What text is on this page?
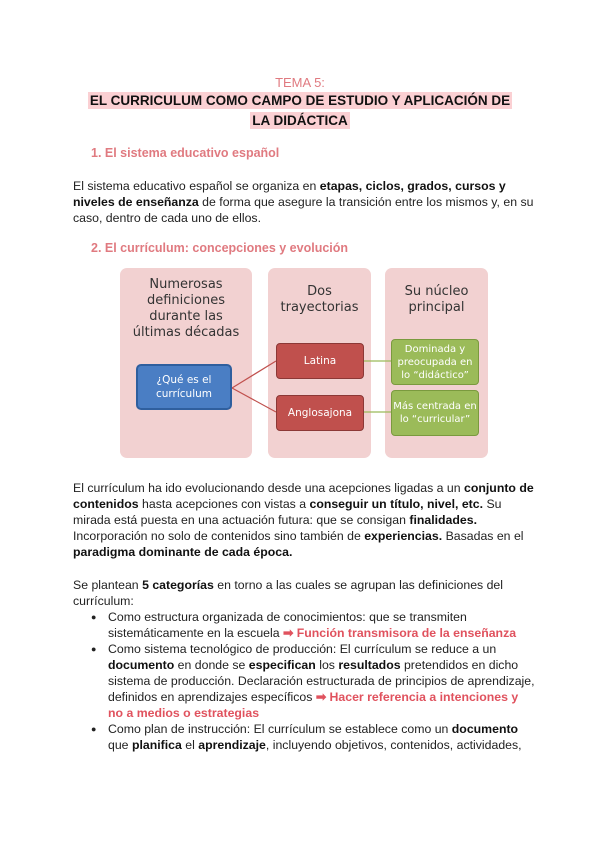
TEMA 5:
EL CURRICULUM COMO CAMPO DE ESTUDIO Y APLICACIÓN DE
LA DIDÁCTICA
1. El sistema educativo español
El sistema educativo español se organiza en etapas, ciclos, grados, cursos y niveles de enseñanza de forma que asegure la transición entre los mismos y, en su caso, dentro de cada uno de ellos.
2. El currículum: concepciones y evolución
Numerosas definiciones durante las últimas décadas
Dos trayectorias
Su núcleo principal
¿Qué es el currículum
Latina
Anglosajona
Dominada y preocupada en lo “didáctico”
Más centrada en lo “curricular”
El currículum ha ido evolucionando desde una acepciones ligadas a un conjunto de contenidos hasta acepciones con vistas a conseguir un título, nivel, etc. Su mirada está puesta en una actuación futura: que se consigan finalidades. Incorporación no solo de contenidos sino también de experiencias. Basadas en el paradigma dominante de cada época.
Se plantean 5 categorías en torno a las cuales se agrupan las definiciones del currículum:
● Como estructura organizada de conocimientos: que se transmiten sistemáticamente en la escuela ➡ Función transmisora de la enseñanza
● Como sistema tecnológico de producción: El currículum se reduce a un documento en donde se especifican los resultados pretendidos en dicho sistema de producción. Declaración estructurada de principios de aprendizaje, definidos en aprendizajes específicos ➡ Hacer referencia a intenciones y no a medios o estrategias
● Como plan de instrucción: El currículum se establece como un documento que planifica el aprendizaje, incluyendo objetivos, contenidos, actividades,
